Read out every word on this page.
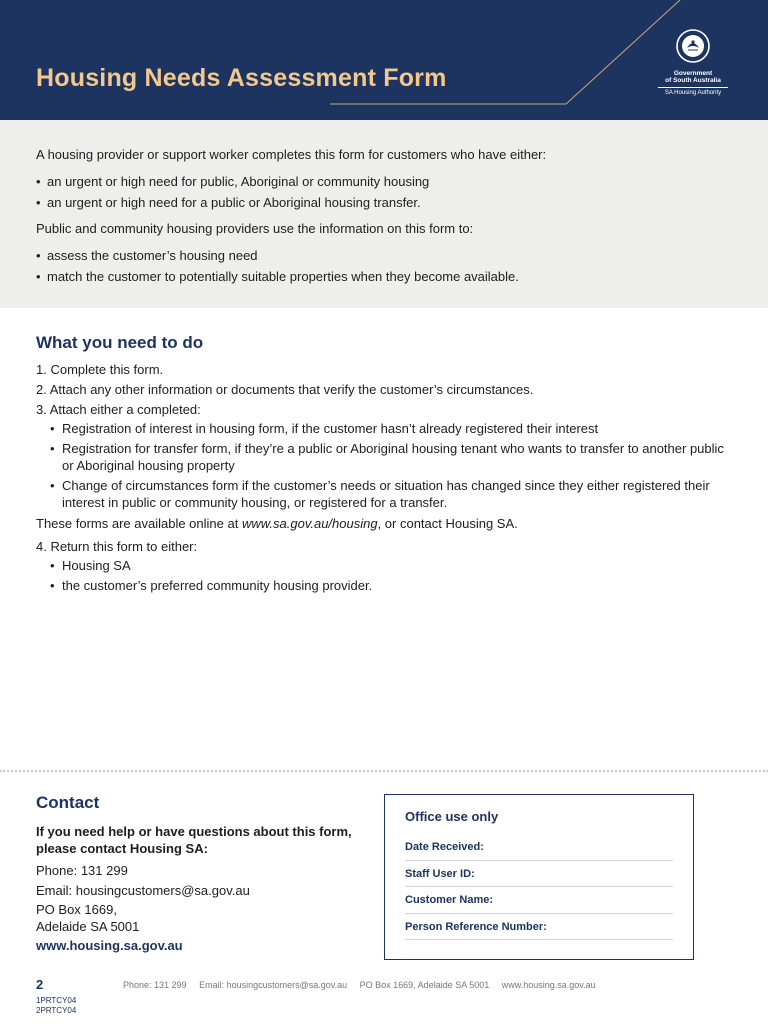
Housing Needs Assessment Form	Government
of South Australia
SA Housing Authority

A housing provider or support worker completes this form for customers who have either:

• an urgent or high need for public, Aboriginal or community housing
• an urgent or high need for a public or Aboriginal housing transfer.

Public and community housing providers use the information on this form to:

• assess the customer’s housing need
• match the customer to potentially suitable properties when they become available.
What you need to do
1. Complete this form.
2. Attach any other information or documents that verify the customer’s circumstances.
3. Attach either a completed:
• Registration of interest in housing form, if the customer hasn’t already registered their interest
• Registration for transfer form, if they’re a public or Aboriginal housing tenant who wants to transfer to another public or Aboriginal housing property
• Change of circumstances form if the customer’s needs or situation has changed since they either registered their interest in public or community housing, or registered for a transfer.
These forms are available online at www.sa.gov.au/housing, or contact Housing SA.
4. Return this form to either:
• Housing SA
• the customer’s preferred community housing provider.
Contact
If you need help or have questions about this form, please contact Housing SA:
Phone: 131 299
Email: housingcustomers@sa.gov.au
PO Box 1669,
Adelaide SA 5001
www.housing.sa.gov.au
Office use only
Date Received:
Staff User ID:
Customer Name:
Person Reference Number:
2
1PRTCY04
2PRTCY04
Phone: 131 299 Email: housingcustomers@sa.gov.au PO Box 1669, Adelaide SA 5001 www.housing.sa.gov.au
